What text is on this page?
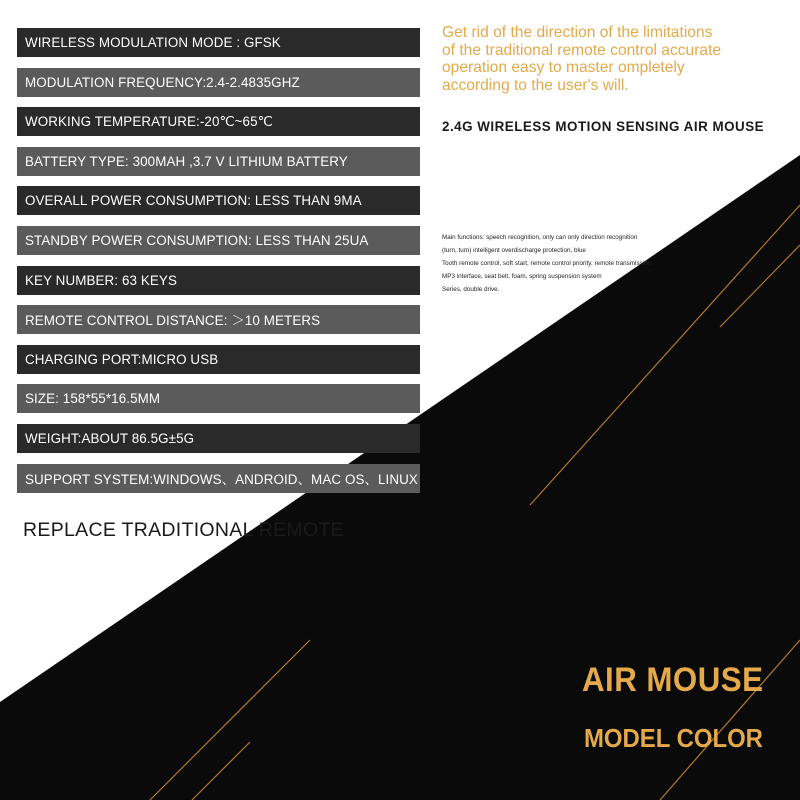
WIRELESS MODULATION MODE : GFSK
MODULATION FREQUENCY:2.4-2.4835GHZ
WORKING TEMPERATURE:-20℃~65℃
BATTERY TYPE: 300MAH ,3.7 V LITHIUM BATTERY
OVERALL POWER CONSUMPTION: LESS THAN 9MA
STANDBY POWER CONSUMPTION: LESS THAN 25UA
KEY NUMBER: 63 KEYS
REMOTE CONTROL DISTANCE: ＞10 METERS
CHARGING PORT:MICRO USB
SIZE: 158*55*16.5MM
WEIGHT:ABOUT 86.5G±5G
SUPPORT SYSTEM:WINDOWS、ANDROID、MAC OS、LINUX
REPLACE TRADITIONAL REMOTE
Get rid of the direction of the limitations
of the traditional remote control accurate
operation easy to master ompletely
according to the user's will.
2.4G WIRELESS MOTION SENSING AIR MOUSE
Main functions: speech recognition, only can only direction recognition
(turn, turn) intelligent overdischarge protection, blue
Tooth remote control, soft start, remote control priority, remote transmission,
MP3 interface, seat belt, foam, spring suspension system
Series, double drive.
AIR MOUSE
MODEL COLOR
